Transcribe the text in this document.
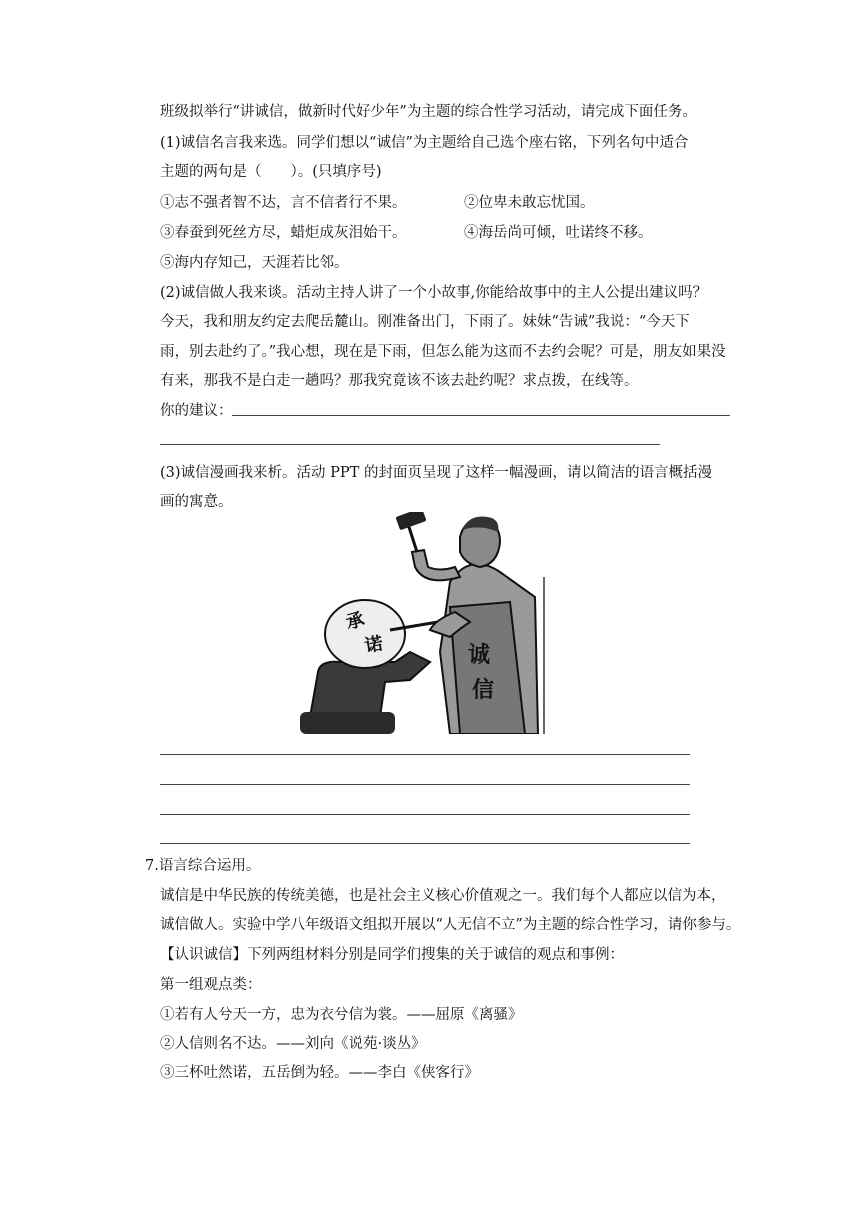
班级拟举行“讲诚信，做新时代好少年”为主题的综合性学习活动，请完成下面任务。
(1)诚信名言我来选。同学们想以“诚信”为主题给自己选个座右铭，下列名句中适合
主题的两句是（　　）。(只填序号)
①志不强者智不达，言不信者行不果。	②位卑未敢忘忧国。
③春蚕到死丝方尽，蜡炬成灰泪始干。	④海岳尚可倾，吐诺终不移。
⑤海内存知己，天涯若比邻。
(2)诚信做人我来谈。活动主持人讲了一个小故事,你能给故事中的主人公提出建议吗？
今天，我和朋友约定去爬岳麓山。刚准备出门，下雨了。妹妹“告诫”我说：“今天下
雨，别去赴约了。”我心想，现在是下雨，但怎么能为这而不去约会呢？可是，朋友如果没
有来，那我不是白走一趟吗？那我究竟该不该去赴约呢？求点拨，在线等。
你的建议：
(3)诚信漫画我来析。活动 PPT 的封面页呈现了这样一幅漫画，请以简洁的语言概括漫
画的寓意。
承
诺	诚
信
7.语言综合运用。
诚信是中华民族的传统美德，也是社会主义核心价值观之一。我们每个人都应以信为本，
诚信做人。实验中学八年级语文组拟开展以“人无信不立”为主题的综合性学习，请你参与。
【认识诚信】下列两组材料分别是同学们搜集的关于诚信的观点和事例：
第一组观点类：
①若有人兮天一方，忠为衣兮信为裳。——屈原《离骚》
②人信则名不达。——刘向《说苑·谈丛》
③三杯吐然诺，五岳倒为轻。——李白《侠客行》
